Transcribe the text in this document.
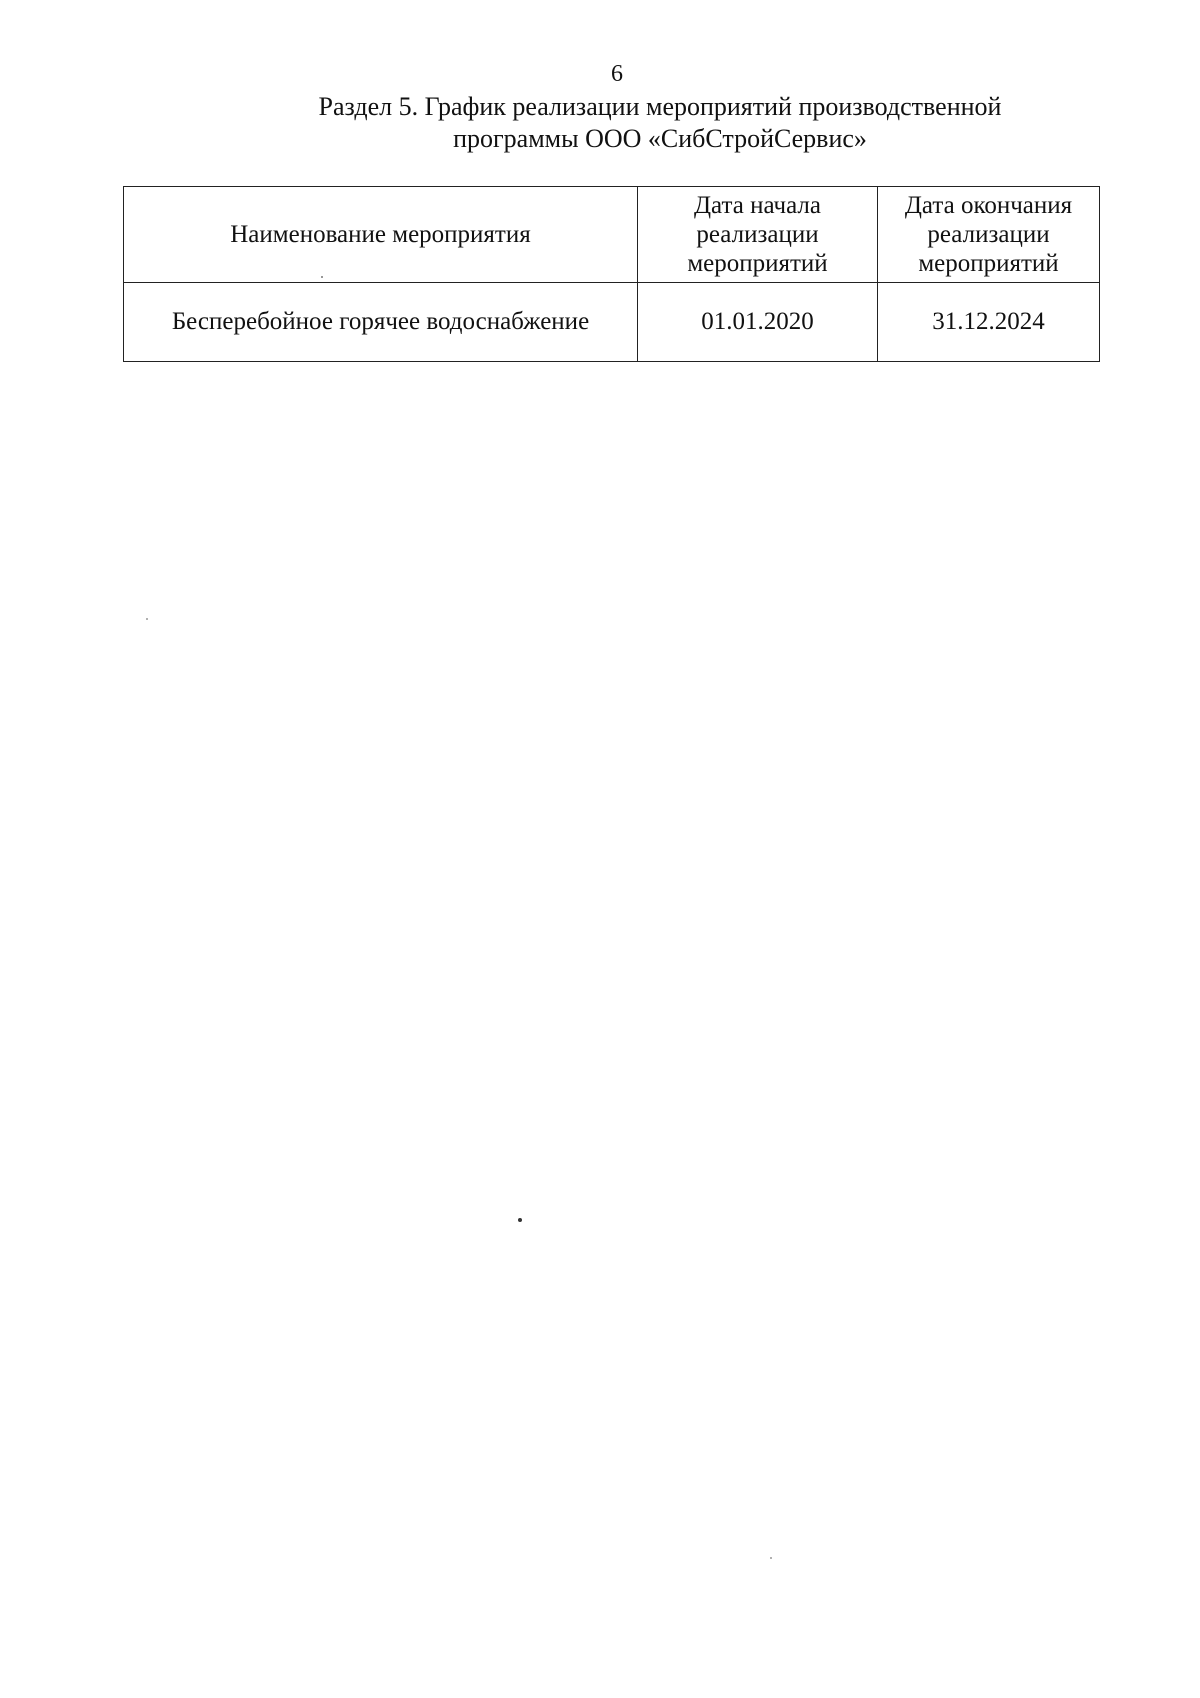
6
Раздел 5. График реализации мероприятий производственной
программы ООО «СибСтройСервис»
Наименование мероприятия	Дата начала реализации мероприятий	Дата окончания реализации мероприятий
Бесперебойное горячее водоснабжение	01.01.2020	31.12.2024
